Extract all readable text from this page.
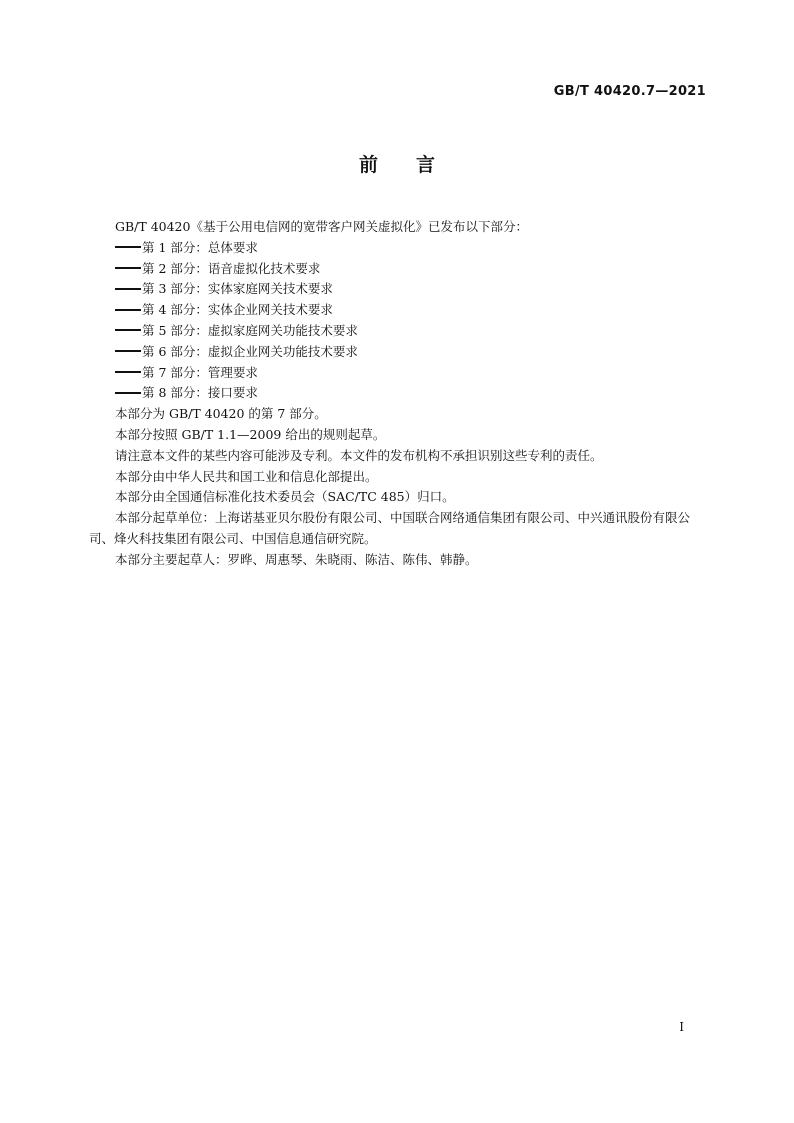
GB/T 40420.7—2021
前言

GB/T 40420《基于公用电信网的宽带客户网关虚拟化》已发布以下部分：

第 1 部分：总体要求

第 2 部分：语音虚拟化技术要求

第 3 部分：实体家庭网关技术要求

第 4 部分：实体企业网关技术要求

第 5 部分：虚拟家庭网关功能技术要求

第 6 部分：虚拟企业网关功能技术要求

第 7 部分：管理要求

第 8 部分：接口要求

本部分为 GB/T 40420 的第 7 部分。

本部分按照 GB/T 1.1—2009 给出的规则起草。

请注意本文件的某些内容可能涉及专利。本文件的发布机构不承担识别这些专利的责任。

本部分由中华人民共和国工业和信息化部提出。

本部分由全国通信标准化技术委员会（SAC/TC 485）归口。

本部分起草单位：上海诺基亚贝尔股份有限公司、中国联合网络通信集团有限公司、中兴通讯股份有限公司、烽火科技集团有限公司、中国信息通信研究院。

本部分主要起草人：罗晔、周惠琴、朱晓雨、陈洁、陈伟、韩静。

I
